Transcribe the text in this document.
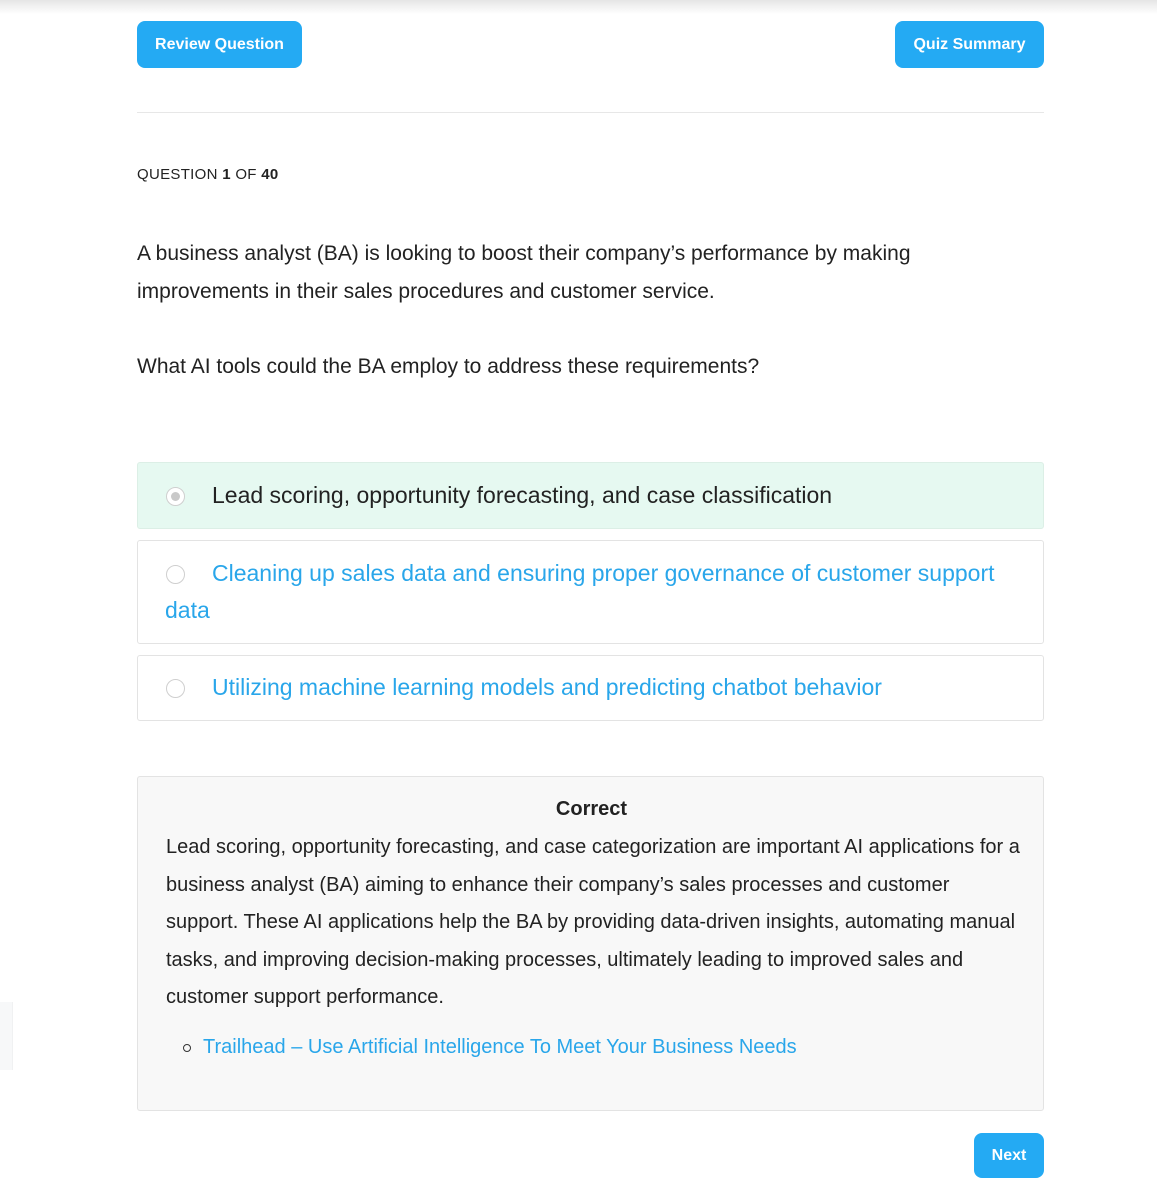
Review Question	Quiz Summary
QUESTION 1 OF 40

A business analyst (BA) is looking to boost their company’s performance by making improvements in their sales procedures and customer service.

What AI tools could the BA employ to address these requirements?

Lead scoring, opportunity forecasting, and case classification
Cleaning up sales data and ensuring proper governance of customer support data
Utilizing machine learning models and predicting chatbot behavior
Correct

Lead scoring, opportunity forecasting, and case categorization are important AI applications for a business analyst (BA) aiming to enhance their company’s sales processes and customer support. These AI applications help the BA by providing data-driven insights, automating manual tasks, and improving decision-making processes, ultimately leading to improved sales and customer support performance.

Trailhead – Use Artificial Intelligence To Meet Your Business Needs
Next
